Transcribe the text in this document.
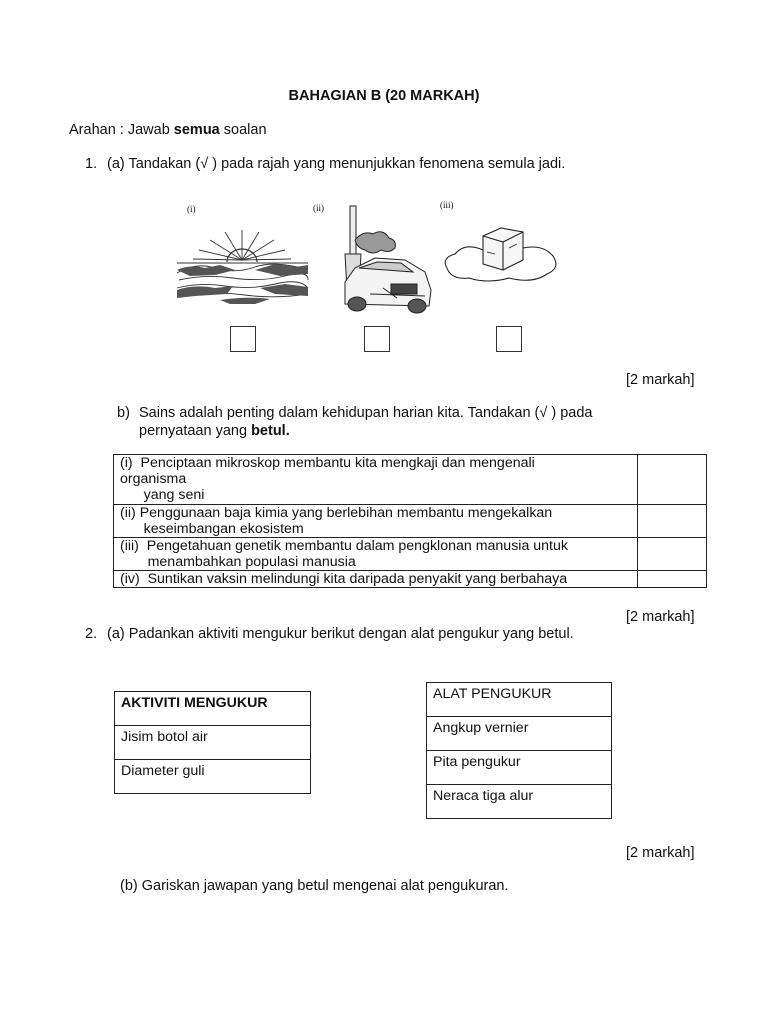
BAHAGIAN B (20 MARKAH)
Arahan : Jawab semua soalan
1. (a) Tandakan (√ ) pada rajah yang menunjukkan fenomena semula jadi.
(i)	(ii)	(iii)
[2 markah]
b) Sains adalah penting dalam kehidupan harian kita. Tandakan (√ ) pada
pernyataan yang betul.
(i)  Penciptaan mikroskop membantu kita mengkaji dan mengenali
organisma
yang seni	

(ii) Penggunaan baja kimia yang berlebihan membantu mengekalkan
keseimbangan ekosistem	

(iii)  Pengetahuan genetik membantu dalam pengklonan manusia untuk
menambahkan populasi manusia	

(iv)  Suntikan vaksin melindungi kita daripada penyakit yang berbahaya	

[2 markah]
2. (a) Padankan aktiviti mengukur berikut dengan alat pengukur yang betul.
AKTIVITI MENGUKUR
Jisim botol air
Diameter guli
ALAT PENGUKUR
Angkup vernier
Pita pengukur
Neraca tiga alur
[2 markah]
(b) Gariskan jawapan yang betul mengenai alat pengukuran.
